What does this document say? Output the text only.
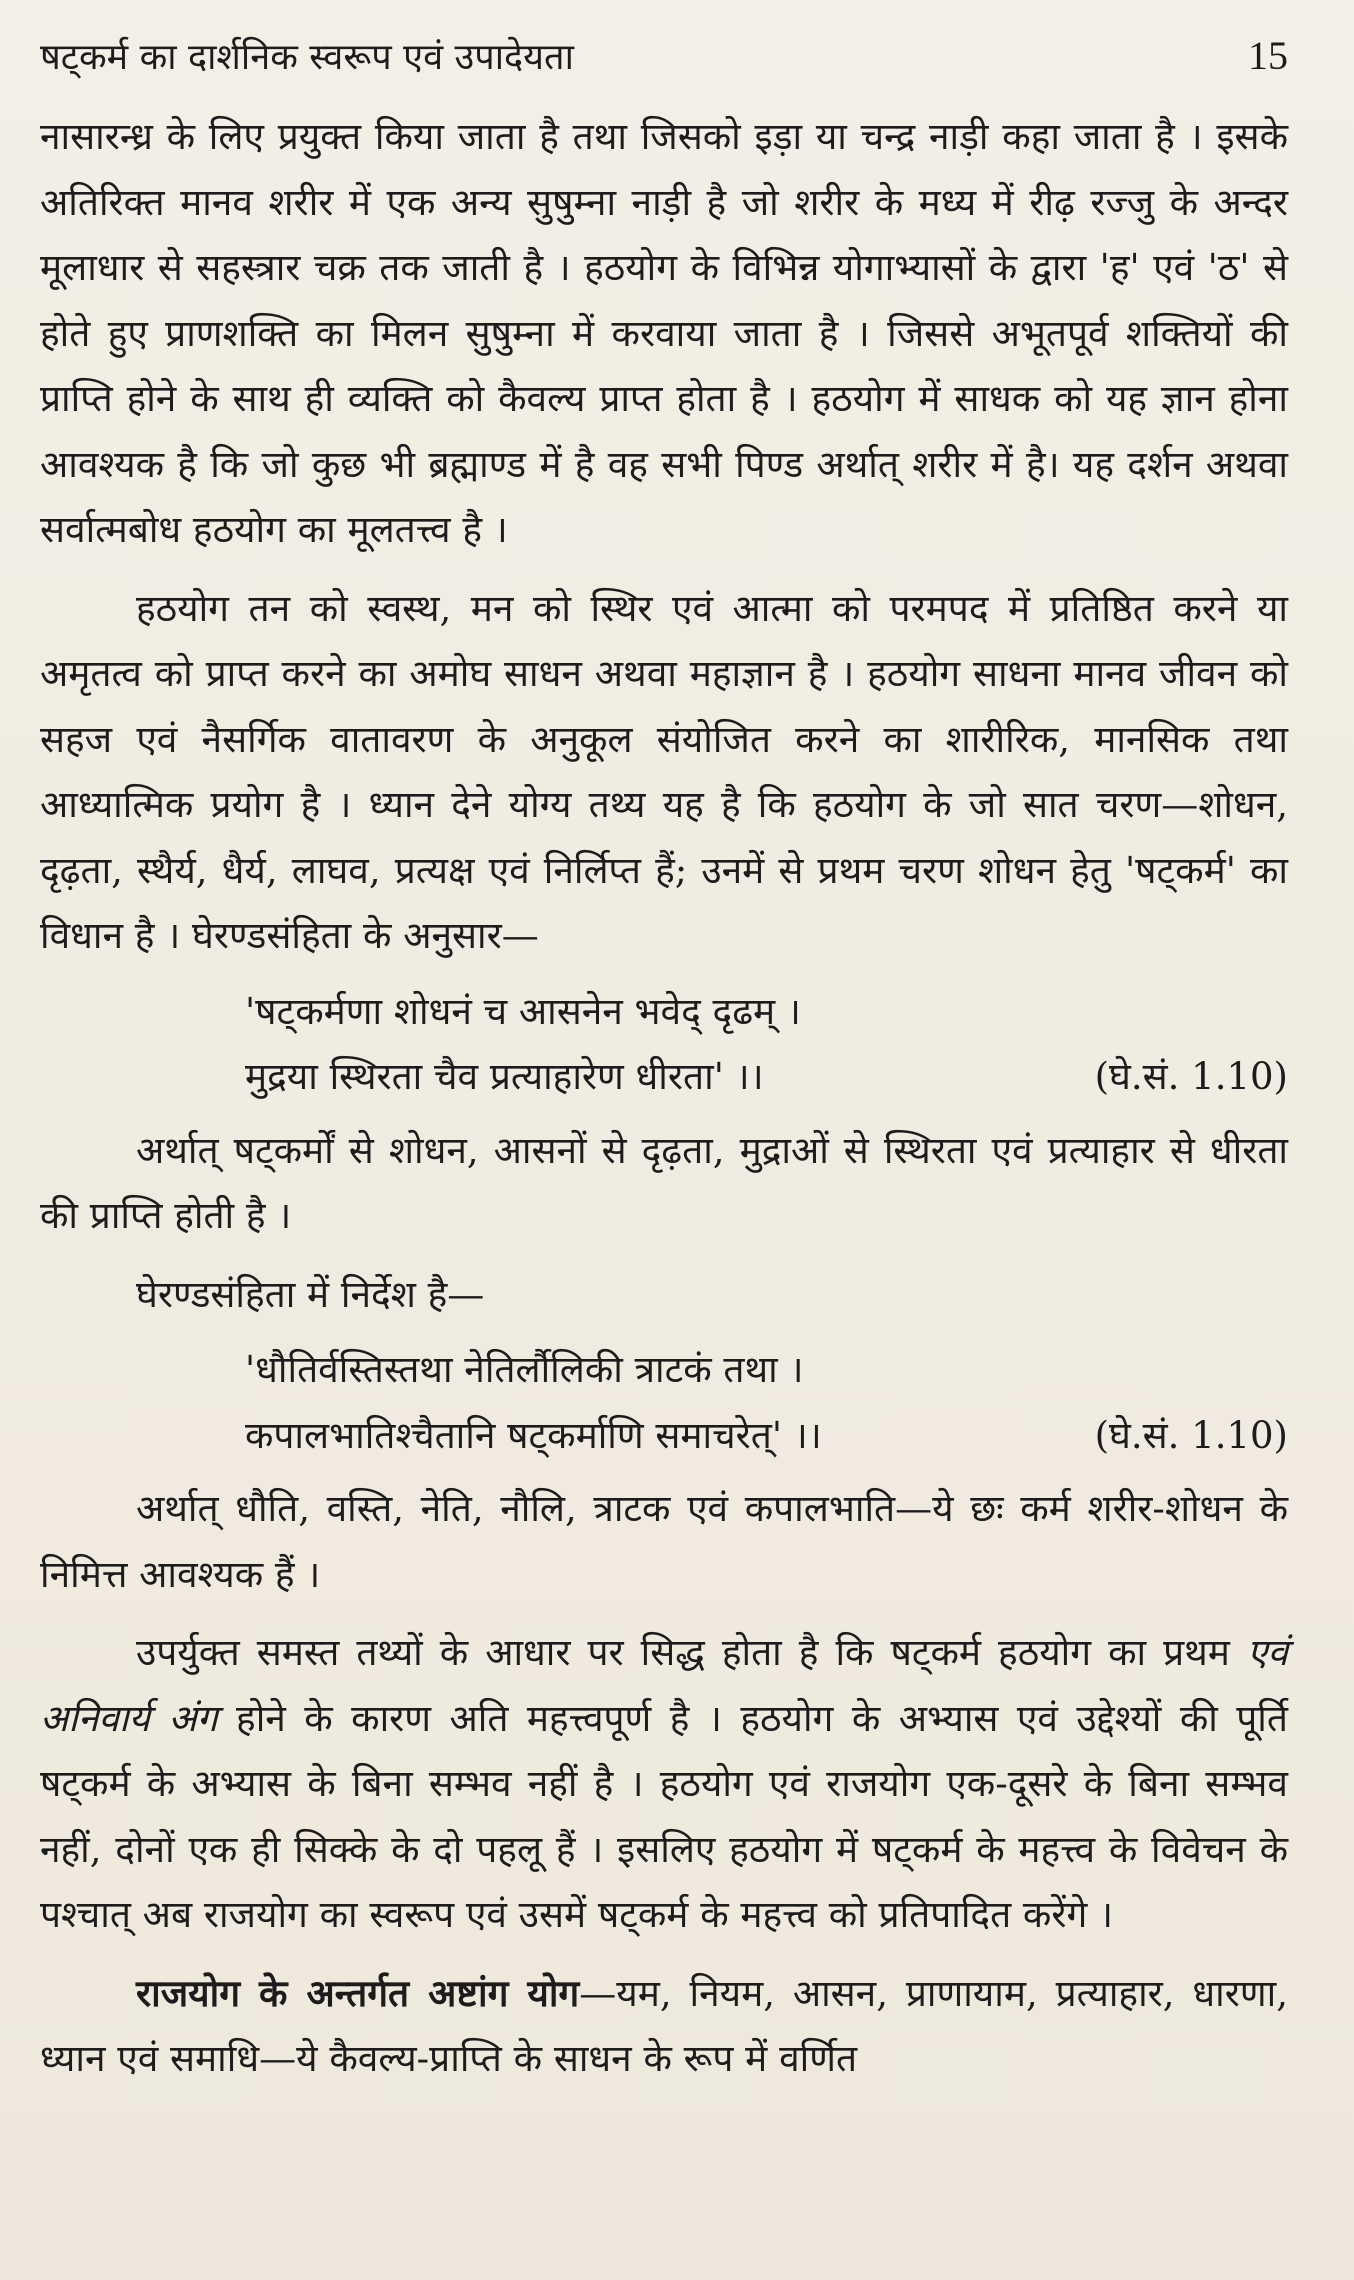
षट्कर्म का दार्शनिक स्वरूप एवं उपादेयता	15

नासारन्ध्र के लिए प्रयुक्त किया जाता है तथा जिसको इड़ा या चन्द्र नाड़ी कहा जाता है । इसके अतिरिक्त मानव शरीर में एक अन्य सुषुम्ना नाड़ी है जो शरीर के मध्य में रीढ़ रज्जु के अन्दर मूलाधार से सहस्त्रार चक्र तक जाती है । हठयोग के विभिन्न योगाभ्यासों के द्वारा 'ह' एवं 'ठ' से होते हुए प्राणशक्ति का मिलन सुषुम्ना में करवाया जाता है । जिससे अभूतपूर्व शक्तियों की प्राप्ति होने के साथ ही व्यक्ति को कैवल्य प्राप्त होता है । हठयोग में साधक को यह ज्ञान होना आवश्यक है कि जो कुछ भी ब्रह्माण्ड में है वह सभी पिण्ड अर्थात् शरीर में है। यह दर्शन अथवा सर्वात्मबोध हठयोग का मूलतत्त्व है ।

हठयोग तन को स्वस्थ, मन को स्थिर एवं आत्मा को परमपद में प्रतिष्ठित करने या अमृतत्व को प्राप्त करने का अमोघ साधन अथवा महाज्ञान है । हठयोग साधना मानव जीवन को सहज एवं नैसर्गिक वातावरण के अनुकूल संयोजित करने का शारीरिक, मानसिक तथा आध्यात्मिक प्रयोग है । ध्यान देने योग्य तथ्य यह है कि हठयोग के जो सात चरण—शोधन, दृढ़ता, स्थैर्य, धैर्य, लाघव, प्रत्यक्ष एवं निर्लिप्त हैं; उनमें से प्रथम चरण शोधन हेतु 'षट्कर्म' का विधान है । घेरण्डसंहिता के अनुसार—

'षट्कर्मणा शोधनं च आसनेन भवेद् दृढम् ।
मुद्रया स्थिरता चैव प्रत्याहारेण धीरता' ।।	(घे.सं. 1.10)

अर्थात् षट्कर्मों से शोधन, आसनों से दृढ़ता, मुद्राओं से स्थिरता एवं प्रत्याहार से धीरता की प्राप्ति होती है ।

घेरण्डसंहिता में निर्देश है—

'धौतिर्वस्तिस्तथा नेतिर्लौलिकी त्राटकं तथा ।
कपालभातिश्चैतानि षट्कर्माणि समाचरेत्' ।।	(घे.सं. 1.10)

अर्थात् धौति, वस्ति, नेति, नौलि, त्राटक एवं कपालभाति—ये छः कर्म शरीर-शोधन के निमित्त आवश्यक हैं ।

उपर्युक्त समस्त तथ्यों के आधार पर सिद्ध होता है कि षट्कर्म हठयोग का प्रथम एवं अनिवार्य अंग होने के कारण अति महत्त्वपूर्ण है । हठयोग के अभ्यास एवं उद्देश्यों की पूर्ति षट्कर्म के अभ्यास के बिना सम्भव नहीं है । हठयोग एवं राजयोग एक-दूसरे के बिना सम्भव नहीं, दोनों एक ही सिक्के के दो पहलू हैं । इसलिए हठयोग में षट्कर्म के महत्त्व के विवेचन के पश्चात् अब राजयोग का स्वरूप एवं उसमें षट्कर्म के महत्त्व को प्रतिपादित करेंगे ।

राजयोग के अन्तर्गत अष्टांग योग—यम, नियम, आसन, प्राणायाम, प्रत्याहार, धारणा, ध्यान एवं समाधि—ये कैवल्य-प्राप्ति के साधन के रूप में वर्णित
